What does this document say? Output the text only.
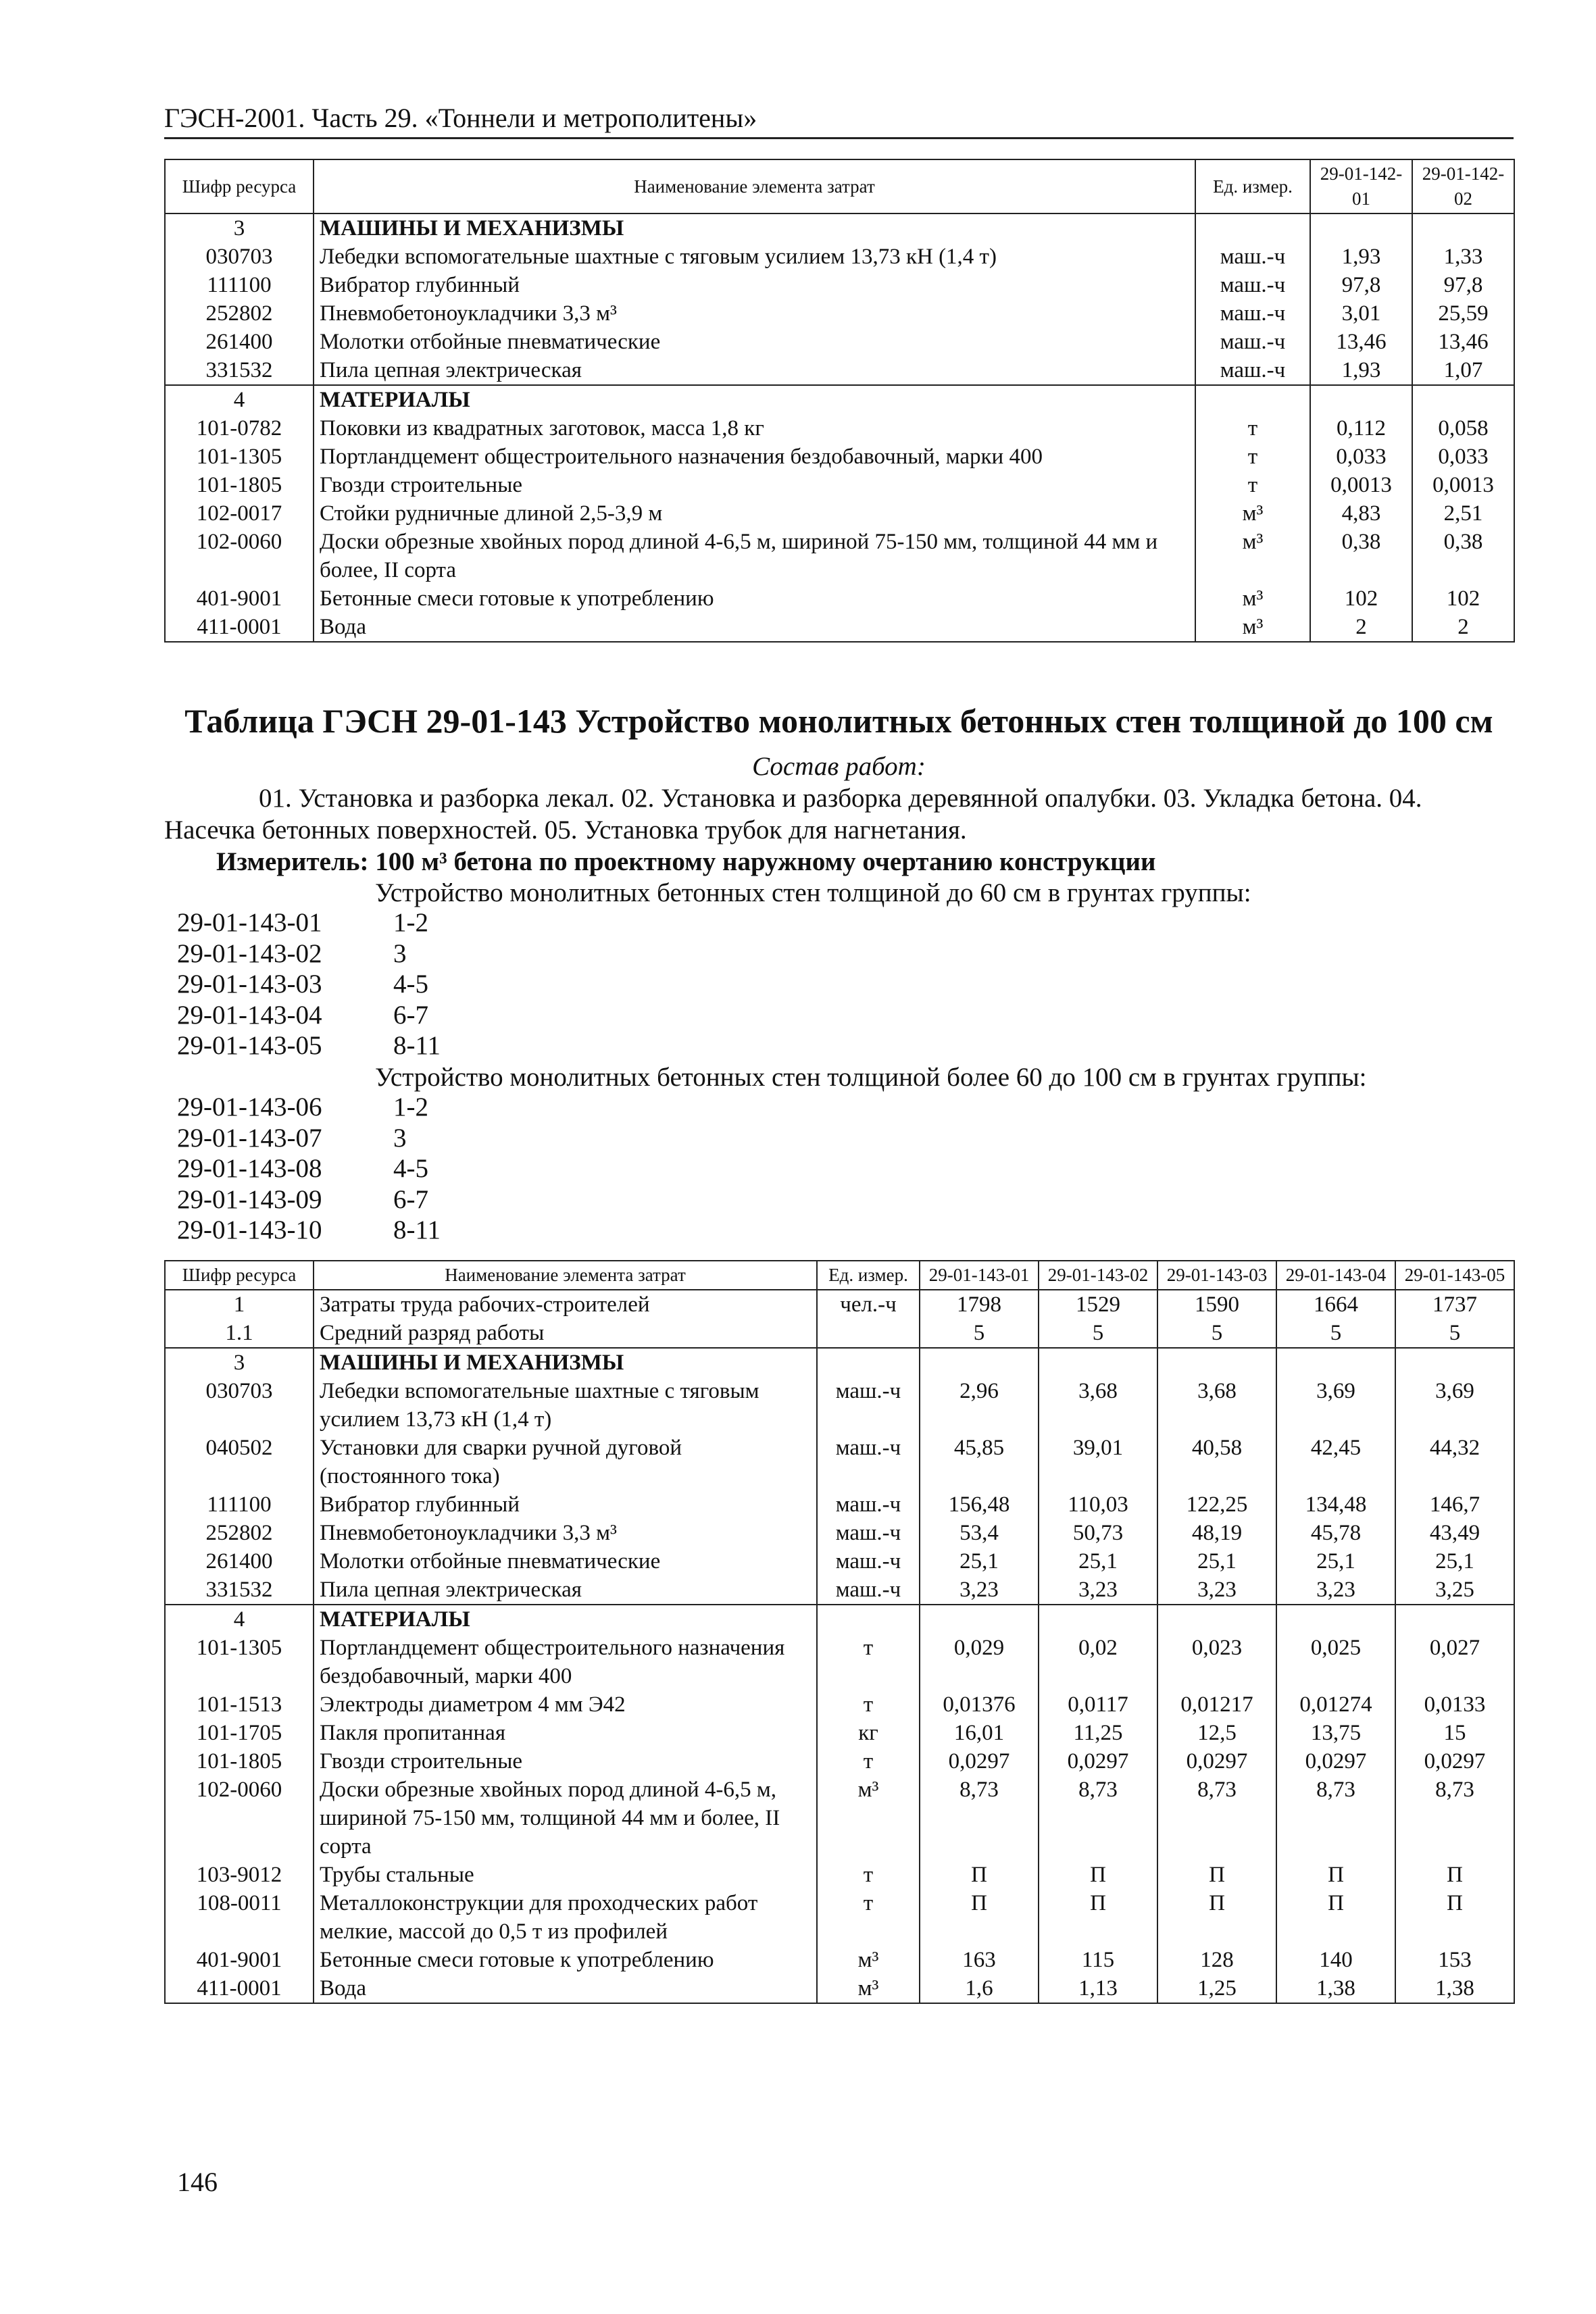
ГЭСН-2001. Часть 29. «Тоннели и метрополитены»
Шифр ресурса	Наименование элемента затрат	Ед. измер.	29-01-142-01	29-01-142-02
3	МАШИНЫ И МЕХАНИЗМЫ			
030703	Лебедки вспомогательные шахтные с тяговым усилием 13,73 кН (1,4 т)	маш.-ч	1,93	1,33
111100	Вибратор глубинный	маш.-ч	97,8	97,8
252802	Пневмобетоноукладчики 3,3 м³	маш.-ч	3,01	25,59
261400	Молотки отбойные пневматические	маш.-ч	13,46	13,46
331532	Пила цепная электрическая	маш.-ч	1,93	1,07
4	МАТЕРИАЛЫ			
101-0782	Поковки из квадратных заготовок, масса 1,8 кг	т	0,112	0,058
101-1305	Портландцемент общестроительного назначения бездобавочный, марки 400	т	0,033	0,033
101-1805	Гвозди строительные	т	0,0013	0,0013
102-0017	Стойки рудничные длиной 2,5-3,9 м	м³	4,83	2,51
102-0060	Доски обрезные хвойных пород длиной 4-6,5 м, шириной 75-150 мм, толщиной 44 мм и более, II сорта	м³	0,38	0,38
401-9001	Бетонные смеси готовые к употреблению	м³	102	102
411-0001	Вода	м³	2	2
Таблица ГЭСН 29-01-143 Устройство монолитных бетонных стен толщиной до 100 см
Состав работ:
01. Установка и разборка лекал. 02. Установка и разборка деревянной опалубки. 03. Укладка бетона. 04. Насечка бетонных поверхностей. 05. Установка трубок для нагнетания.
Измеритель: 100 м³ бетона по проектному наружному очертанию конструкции
Устройство монолитных бетонных стен толщиной до 60 см в грунтах группы:
29-01-143-01	1-2
29-01-143-02	3
29-01-143-03	4-5
29-01-143-04	6-7
29-01-143-05	8-11
Устройство монолитных бетонных стен толщиной более 60 до 100 см в грунтах группы:
29-01-143-06	1-2
29-01-143-07	3
29-01-143-08	4-5
29-01-143-09	6-7
29-01-143-10	8-11
Шифр ресурса	Наименование элемента затрат	Ед. измер.	29-01-143-01	29-01-143-02	29-01-143-03	29-01-143-04	29-01-143-05
1	Затраты труда рабочих-строителей	чел.-ч	1798	1529	1590	1664	1737
1.1	Средний разряд работы		5	5	5	5	5
3	МАШИНЫ И МЕХАНИЗМЫ						
030703	Лебедки вспомогательные шахтные с тяговым усилием 13,73 кН (1,4 т)	маш.-ч	2,96	3,68	3,68	3,69	3,69
040502	Установки для сварки ручной дуговой (постоянного тока)	маш.-ч	45,85	39,01	40,58	42,45	44,32
111100	Вибратор глубинный	маш.-ч	156,48	110,03	122,25	134,48	146,7
252802	Пневмобетоноукладчики 3,3 м³	маш.-ч	53,4	50,73	48,19	45,78	43,49
261400	Молотки отбойные пневматические	маш.-ч	25,1	25,1	25,1	25,1	25,1
331532	Пила цепная электрическая	маш.-ч	3,23	3,23	3,23	3,23	3,25
4	МАТЕРИАЛЫ						
101-1305	Портландцемент общестроительного назначения бездобавочный, марки 400	т	0,029	0,02	0,023	0,025	0,027
101-1513	Электроды диаметром 4 мм Э42	т	0,01376	0,0117	0,01217	0,01274	0,0133
101-1705	Пакля пропитанная	кг	16,01	11,25	12,5	13,75	15
101-1805	Гвозди строительные	т	0,0297	0,0297	0,0297	0,0297	0,0297
102-0060	Доски обрезные хвойных пород длиной 4-6,5 м, шириной 75-150 мм, толщиной 44 мм и более, II сорта	м³	8,73	8,73	8,73	8,73	8,73
103-9012	Трубы стальные	т	П	П	П	П	П
108-0011	Металлоконструкции для проходческих работ мелкие, массой до 0,5 т из профилей	т	П	П	П	П	П
401-9001	Бетонные смеси готовые к употреблению	м³	163	115	128	140	153
411-0001	Вода	м³	1,6	1,13	1,25	1,38	1,38
146
